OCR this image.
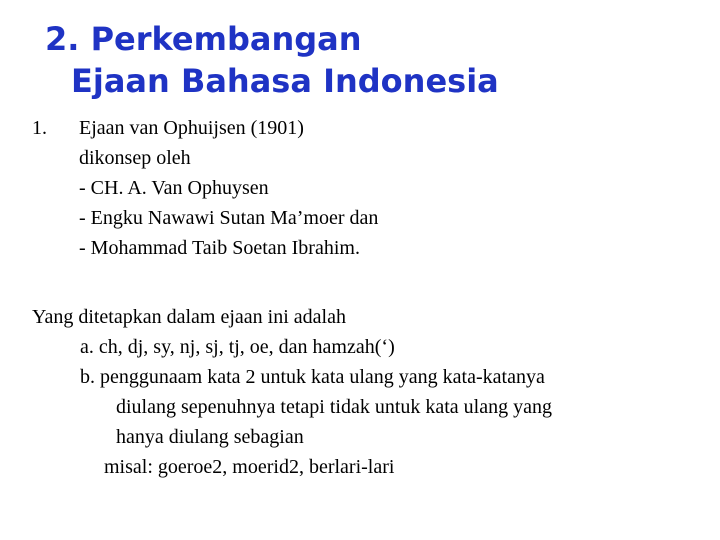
2. Perkembangan
Ejaan Bahasa Indonesia
1. Ejaan van Ophuijsen (1901)
dikonsep oleh
- CH. A. Van Ophuysen
- Engku Nawawi Sutan Ma’moer dan
- Mohammad Taib Soetan Ibrahim.
Yang ditetapkan dalam ejaan ini adalah
a. ch, dj, sy, nj, sj, tj, oe, dan hamzah(‘)
b. penggunaam kata 2 untuk kata ulang yang kata-katanya
diulang sepenuhnya tetapi tidak untuk kata ulang yang
hanya diulang sebagian
misal: goeroe2, moerid2, berlari-lari
